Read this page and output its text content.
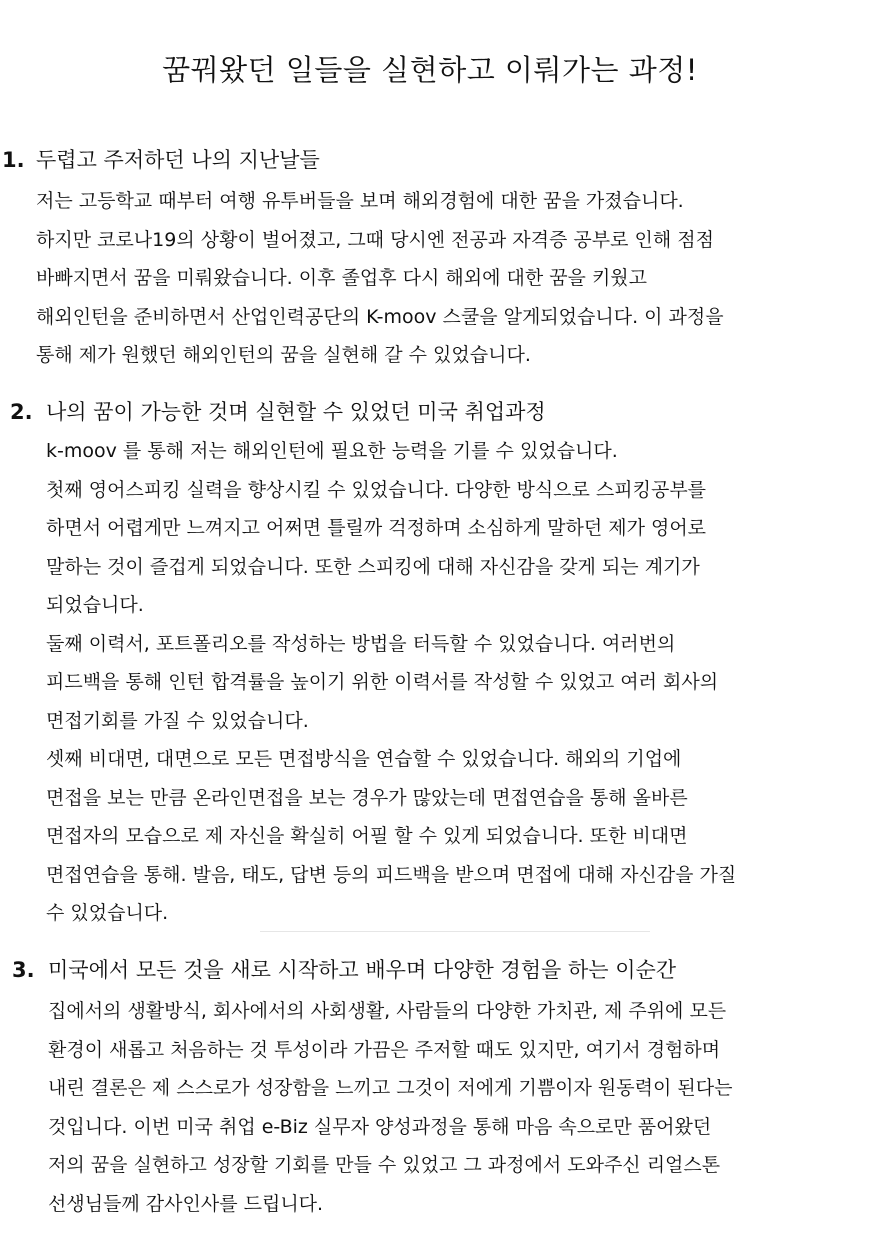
꿈꿔왔던 일들을 실현하고 이뤄가는 과정!
1. 두렵고 주저하던 나의 지난날들
저는 고등학교 때부터 여행 유투버들을 보며 해외경험에 대한 꿈을 가졌습니다.
하지만 코로나19의 상황이 벌어졌고, 그때 당시엔 전공과 자격증 공부로 인해 점점
바빠지면서 꿈을 미뤄왔습니다. 이후 졸업후 다시 해외에 대한 꿈을 키웠고
해외인턴을 준비하면서 산업인력공단의 K-moov 스쿨을 알게되었습니다. 이 과정을
통해 제가 원했던 해외인턴의 꿈을 실현해 갈 수 있었습니다.
2. 나의 꿈이 가능한 것며 실현할 수 있었던 미국 취업과정
k-moov 를 통해 저는 해외인턴에 필요한 능력을 기를 수 있었습니다.
첫째 영어스피킹 실력을 향상시킬 수 있었습니다. 다양한 방식으로 스피킹공부를
하면서 어렵게만 느껴지고 어쩌면 틀릴까 걱정하며 소심하게 말하던 제가 영어로
말하는 것이 즐겁게 되었습니다. 또한 스피킹에 대해 자신감을 갖게 되는 계기가
되었습니다.
둘째 이력서, 포트폴리오를 작성하는 방법을 터득할 수 있었습니다. 여러번의
피드백을 통해 인턴 합격률을 높이기 위한 이력서를 작성할 수 있었고 여러 회사의
면접기회를 가질 수 있었습니다.
셋째 비대면, 대면으로 모든 면접방식을 연습할 수 있었습니다. 해외의 기업에
면접을 보는 만큼 온라인면접을 보는 경우가 많았는데 면접연습을 통해 올바른
면접자의 모습으로 제 자신을 확실히 어필 할 수 있게 되었습니다. 또한 비대면
면접연습을 통해. 발음, 태도, 답변 등의 피드백을 받으며 면접에 대해 자신감을 가질
수 있었습니다.
3. 미국에서 모든 것을 새로 시작하고 배우며 다양한 경험을 하는 이순간
집에서의 생활방식, 회사에서의 사회생활, 사람들의 다양한 가치관, 제 주위에 모든
환경이 새롭고 처음하는 것 투성이라 가끔은 주저할 때도 있지만, 여기서 경험하며
내린 결론은 제 스스로가 성장함을 느끼고 그것이 저에게 기쁨이자 원동력이 된다는
것입니다. 이번 미국 취업 e-Biz 실무자 양성과정을 통해 마음 속으로만 품어왔던
저의 꿈을 실현하고 성장할 기회를 만들 수 있었고 그 과정에서 도와주신 리얼스톤
선생님들께 감사인사를 드립니다.
